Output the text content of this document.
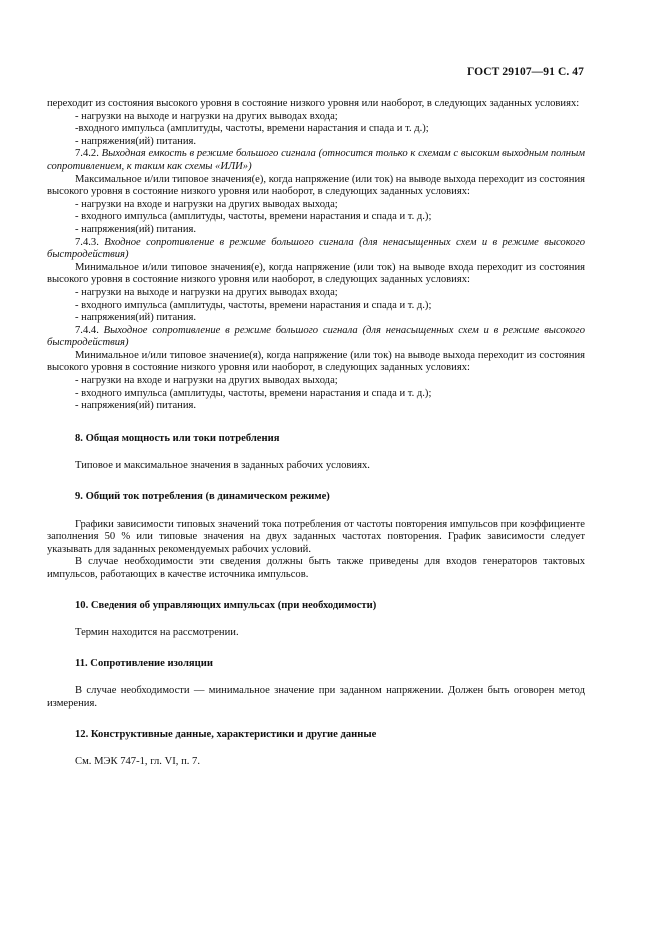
ГОСТ 29107—91 С. 47

переходит из состояния высокого уровня в состояние низкого уровня или наоборот, в следующих заданных условиях:

- нагрузки на выходе и нагрузки на других выводах входа;

-входного импульса (амплитуды, частоты, времени нарастания и спада и т. д.);

- напряжения(ий) питания.

7.4.2. Выходная емкость в режиме большого сигнала (относится только к схемам с высоким выходным полным сопротивлением, к таким как схемы «ИЛИ»)

Максимальное и/или типовое значения(е), когда напряжение (или ток) на выводе выхода переходит из состояния высокого уровня в состояние низкого уровня или наоборот, в следующих заданных условиях:

- нагрузки на входе и нагрузки на других выводах выхода;

- входного импульса (амплитуды, частоты, времени нарастания и спада и т. д.);

- напряжения(ий) питания.

7.4.3. Входное сопротивление в режиме большого сигнала (для ненасыщенных схем и в режиме высокого быстродействия)

Минимальное и/или типовое значения(е), когда напряжение (или ток) на выводе входа переходит из состояния высокого уровня в состояние низкого уровня или наоборот, в следующих заданных условиях:

- нагрузки на выходе и нагрузки на других выводах входа;

- входного импульса (амплитуды, частоты, времени нарастания и спада и т. д.);

- напряжения(ий) питания.

7.4.4. Выходное сопротивление в режиме большого сигнала (для ненасыщенных схем и в режиме высокого быстродействия)

Минимальное и/или типовое значение(я), когда напряжение (или ток) на выводе выхода переходит из состояния высокого уровня в состояние низкого уровня или наоборот, в следующих заданных условиях:

- нагрузки на входе и нагрузки на других выводах выхода;

- входного импульса (амплитуды, частоты, времени нарастания и спада и т. д.);

- напряжения(ий) питания.

8. Общая мощность или токи потребления

Типовое и максимальное значения в заданных рабочих условиях.

9. Общий ток потребления (в динамическом режиме)

Графики зависимости типовых значений тока потребления от частоты повторения импульсов при коэффициенте заполнения 50 % или типовые значения на двух заданных частотах повторения. График зависимости следует указывать для заданных рекомендуемых рабочих условий.

В случае необходимости эти сведения должны быть также приведены для входов генераторов тактовых импульсов, работающих в качестве источника импульсов.

10. Сведения об управляющих импульсах (при необходимости)

Термин находится на рассмотрении.

11. Сопротивление изоляции

В случае необходимости — минимальное значение при заданном напряжении. Должен быть оговорен метод измерения.

12. Конструктивные данные, характеристики и другие данные

См. МЭК 747-1, гл. VI, п. 7.
